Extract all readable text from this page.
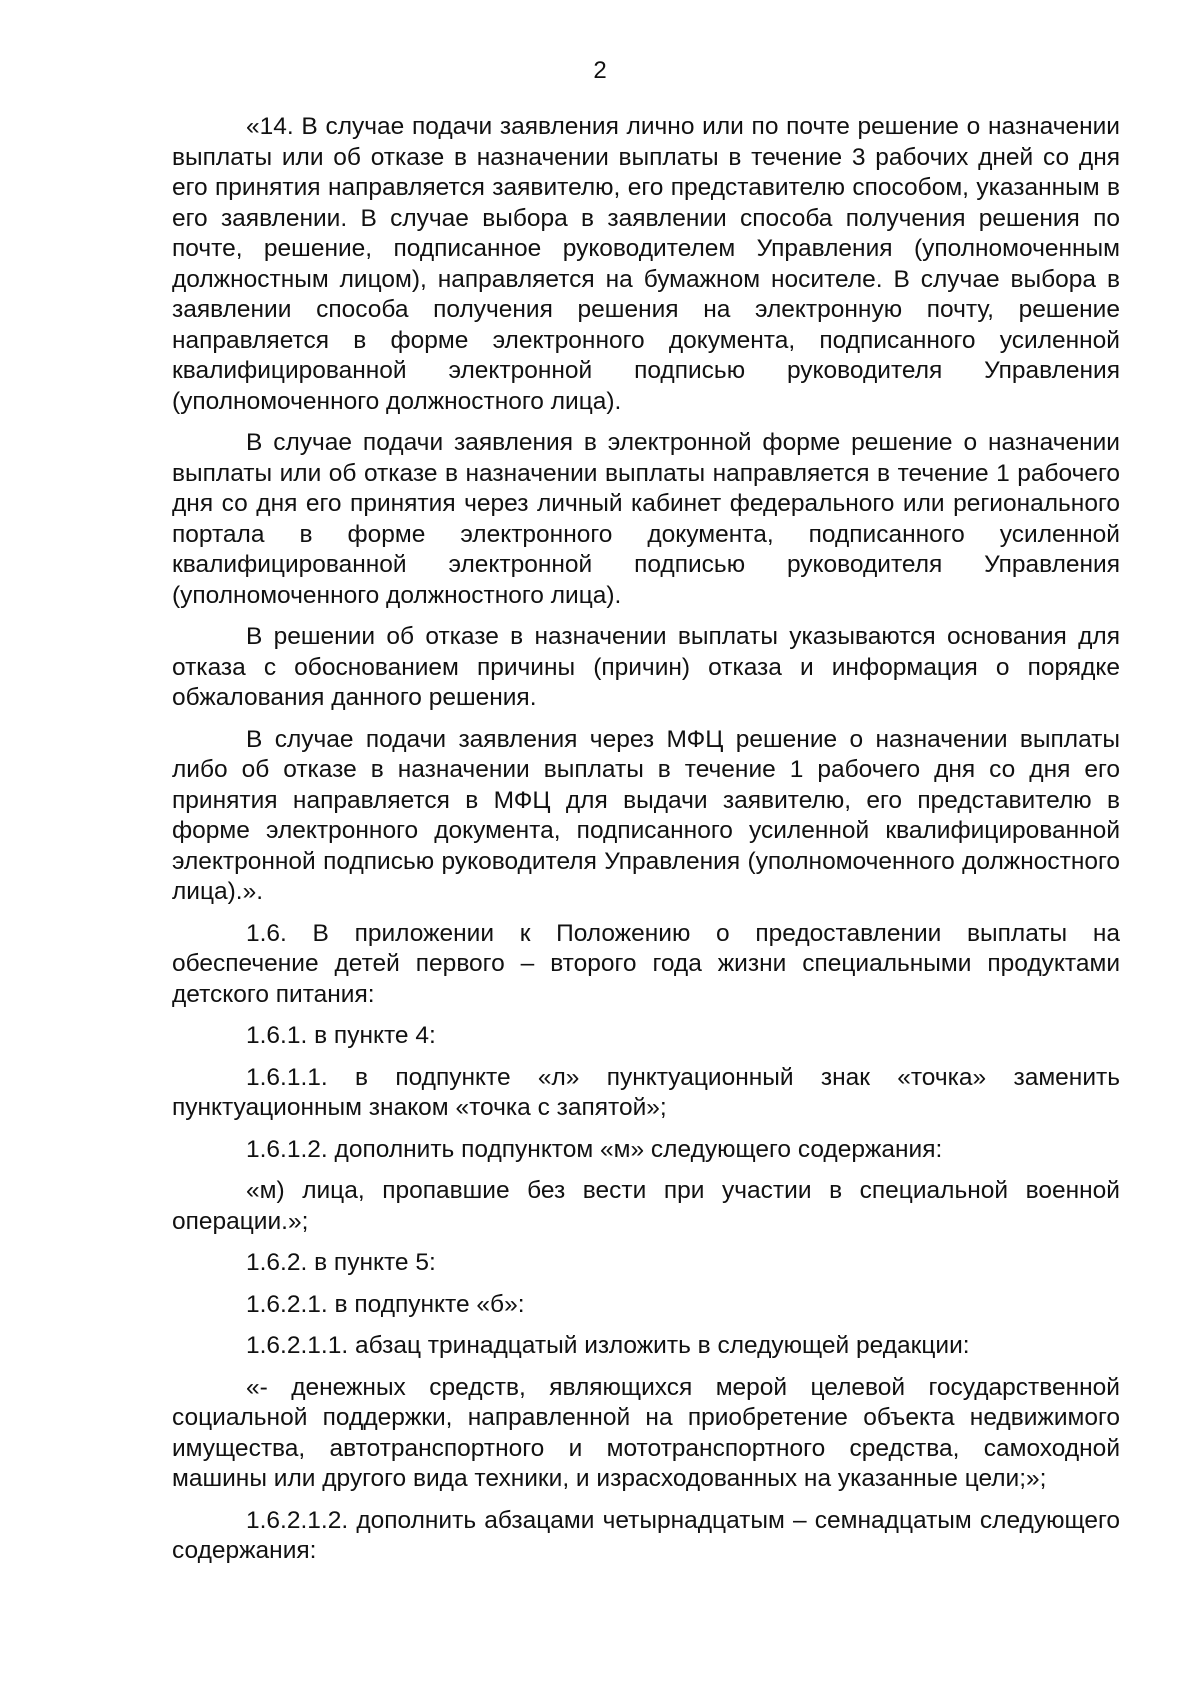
2

«14. В случае подачи заявления лично или по почте решение о назначении выплаты или об отказе в назначении выплаты в течение 3 рабочих дней со дня его принятия направляется заявителю, его представителю способом, указанным в его заявлении. В случае выбора в заявлении способа получения решения по почте, решение, подписанное руководителем Управления (уполномоченным должностным лицом), направляется на бумажном носителе. В случае выбора в заявлении способа получения решения на электронную почту, решение направляется в форме электронного документа, подписанного усиленной квалифицированной электронной подписью руководителя Управления (уполномоченного должностного лица).

В случае подачи заявления в электронной форме решение о назначении выплаты или об отказе в назначении выплаты направляется в течение 1 рабочего дня со дня его принятия через личный кабинет федерального или регионального портала в форме электронного документа, подписанного усиленной квалифицированной электронной подписью руководителя Управления (уполномоченного должностного лица).

В решении об отказе в назначении выплаты указываются основания для отказа с обоснованием причины (причин) отказа и информация о порядке обжалования данного решения.

В случае подачи заявления через МФЦ решение о назначении выплаты либо об отказе в назначении выплаты в течение 1 рабочего дня со дня его принятия направляется в МФЦ для выдачи заявителю, его представителю в форме электронного документа, подписанного усиленной квалифицированной электронной подписью руководителя Управления (уполномоченного должностного лица).».

1.6. В приложении к Положению о предоставлении выплаты на обеспечение детей первого – второго года жизни специальными продуктами детского питания:

1.6.1. в пункте 4:

1.6.1.1. в подпункте «л» пунктуационный знак «точка» заменить пунктуационным знаком «точка с запятой»;

1.6.1.2. дополнить подпунктом «м» следующего содержания:

«м) лица, пропавшие без вести при участии в специальной военной операции.»;

1.6.2. в пункте 5:

1.6.2.1. в подпункте «б»:

1.6.2.1.1. абзац тринадцатый изложить в следующей редакции:

«- денежных средств, являющихся мерой целевой государственной социальной поддержки, направленной на приобретение объекта недвижимого имущества, автотранспортного и мототранспортного средства, самоходной машины или другого вида техники, и израсходованных на указанные цели;»;

1.6.2.1.2. дополнить абзацами четырнадцатым – семнадцатым следующего содержания:
